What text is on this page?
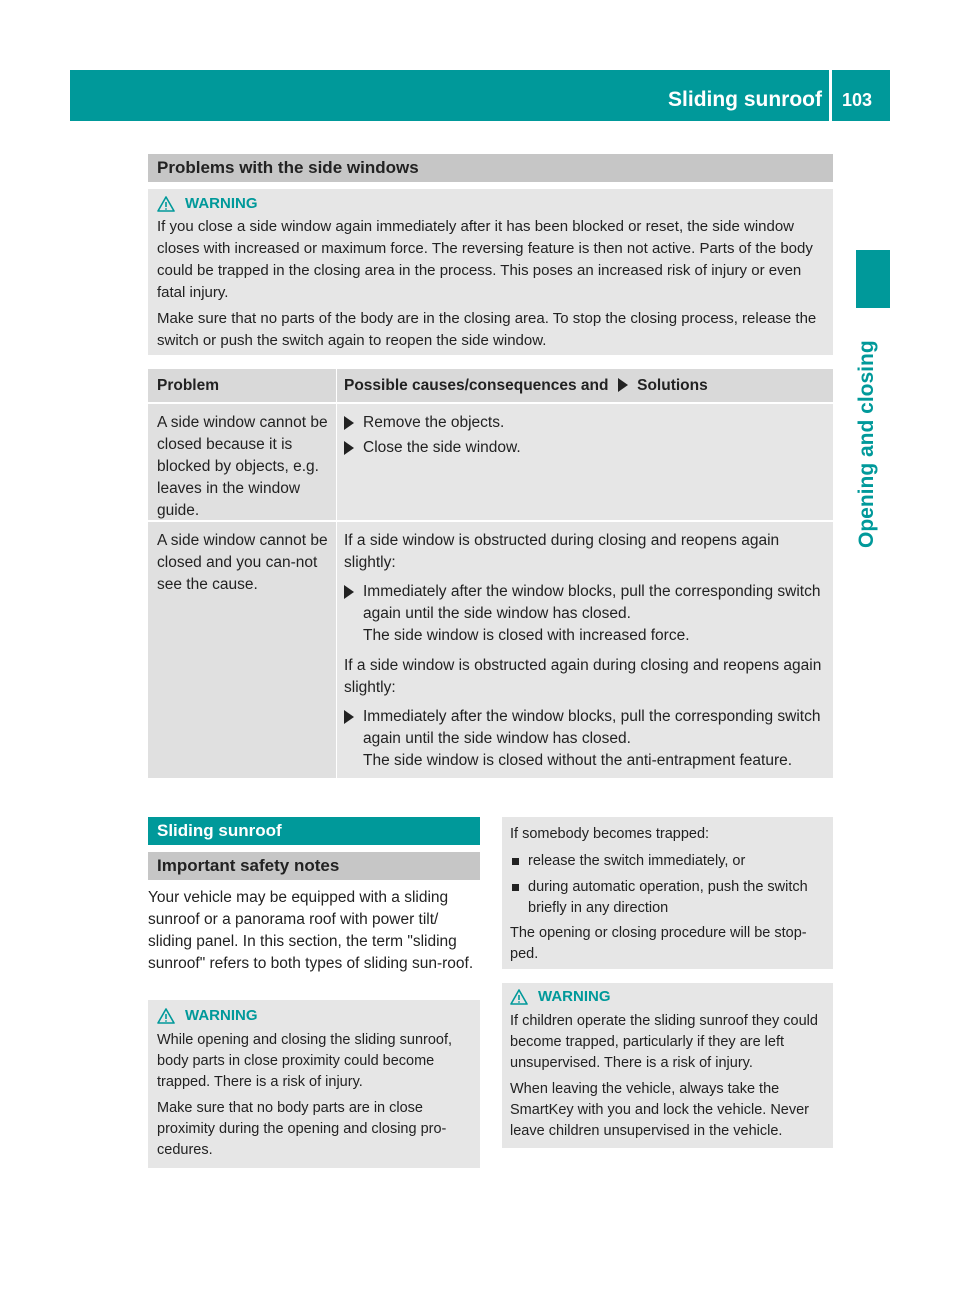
Sliding sunroof 103
Opening and closing
Problems with the side windows
WARNING

If you close a side window again immediately after it has been blocked or reset, the side window closes with increased or maximum force. The reversing feature is then not active. Parts of the body could be trapped in the closing area in the process. This poses an increased risk of injury or even fatal injury.

Make sure that no parts of the body are in the closing area. To stop the closing process, release the switch or push the switch again to reopen the side window.

Problem	Possible causes/consequences and Solutions
A side window cannot be closed because it is blocked by objects, e.g. leaves in the window guide.
Remove the objects.
Close the side window.
A side window cannot be closed and you can-not see the cause.

If a side window is obstructed during closing and reopens again slightly:

Immediately after the window blocks, pull the corresponding switch again until the side window has closed.
The side window is closed with increased force.

If a side window is obstructed again during closing and reopens again slightly:

Immediately after the window blocks, pull the corresponding switch again until the side window has closed.
The side window is closed without the anti-entrapment feature.
Sliding sunroof
Important safety notes

Your vehicle may be equipped with a sliding sunroof or a panorama roof with power tilt/ sliding panel. In this section, the term "sliding sunroof" refers to both types of sliding sun-roof.

WARNING

While opening and closing the sliding sunroof, body parts in close proximity could become trapped. There is a risk of injury.

Make sure that no body parts are in close proximity during the opening and closing pro-cedures.

If somebody becomes trapped:

release the switch immediately, or
during automatic operation, push the switch briefly in any direction

The opening or closing procedure will be stop-ped.

WARNING

If children operate the sliding sunroof they could become trapped, particularly if they are left unsupervised. There is a risk of injury.

When leaving the vehicle, always take the SmartKey with you and lock the vehicle. Never leave children unsupervised in the vehicle.
